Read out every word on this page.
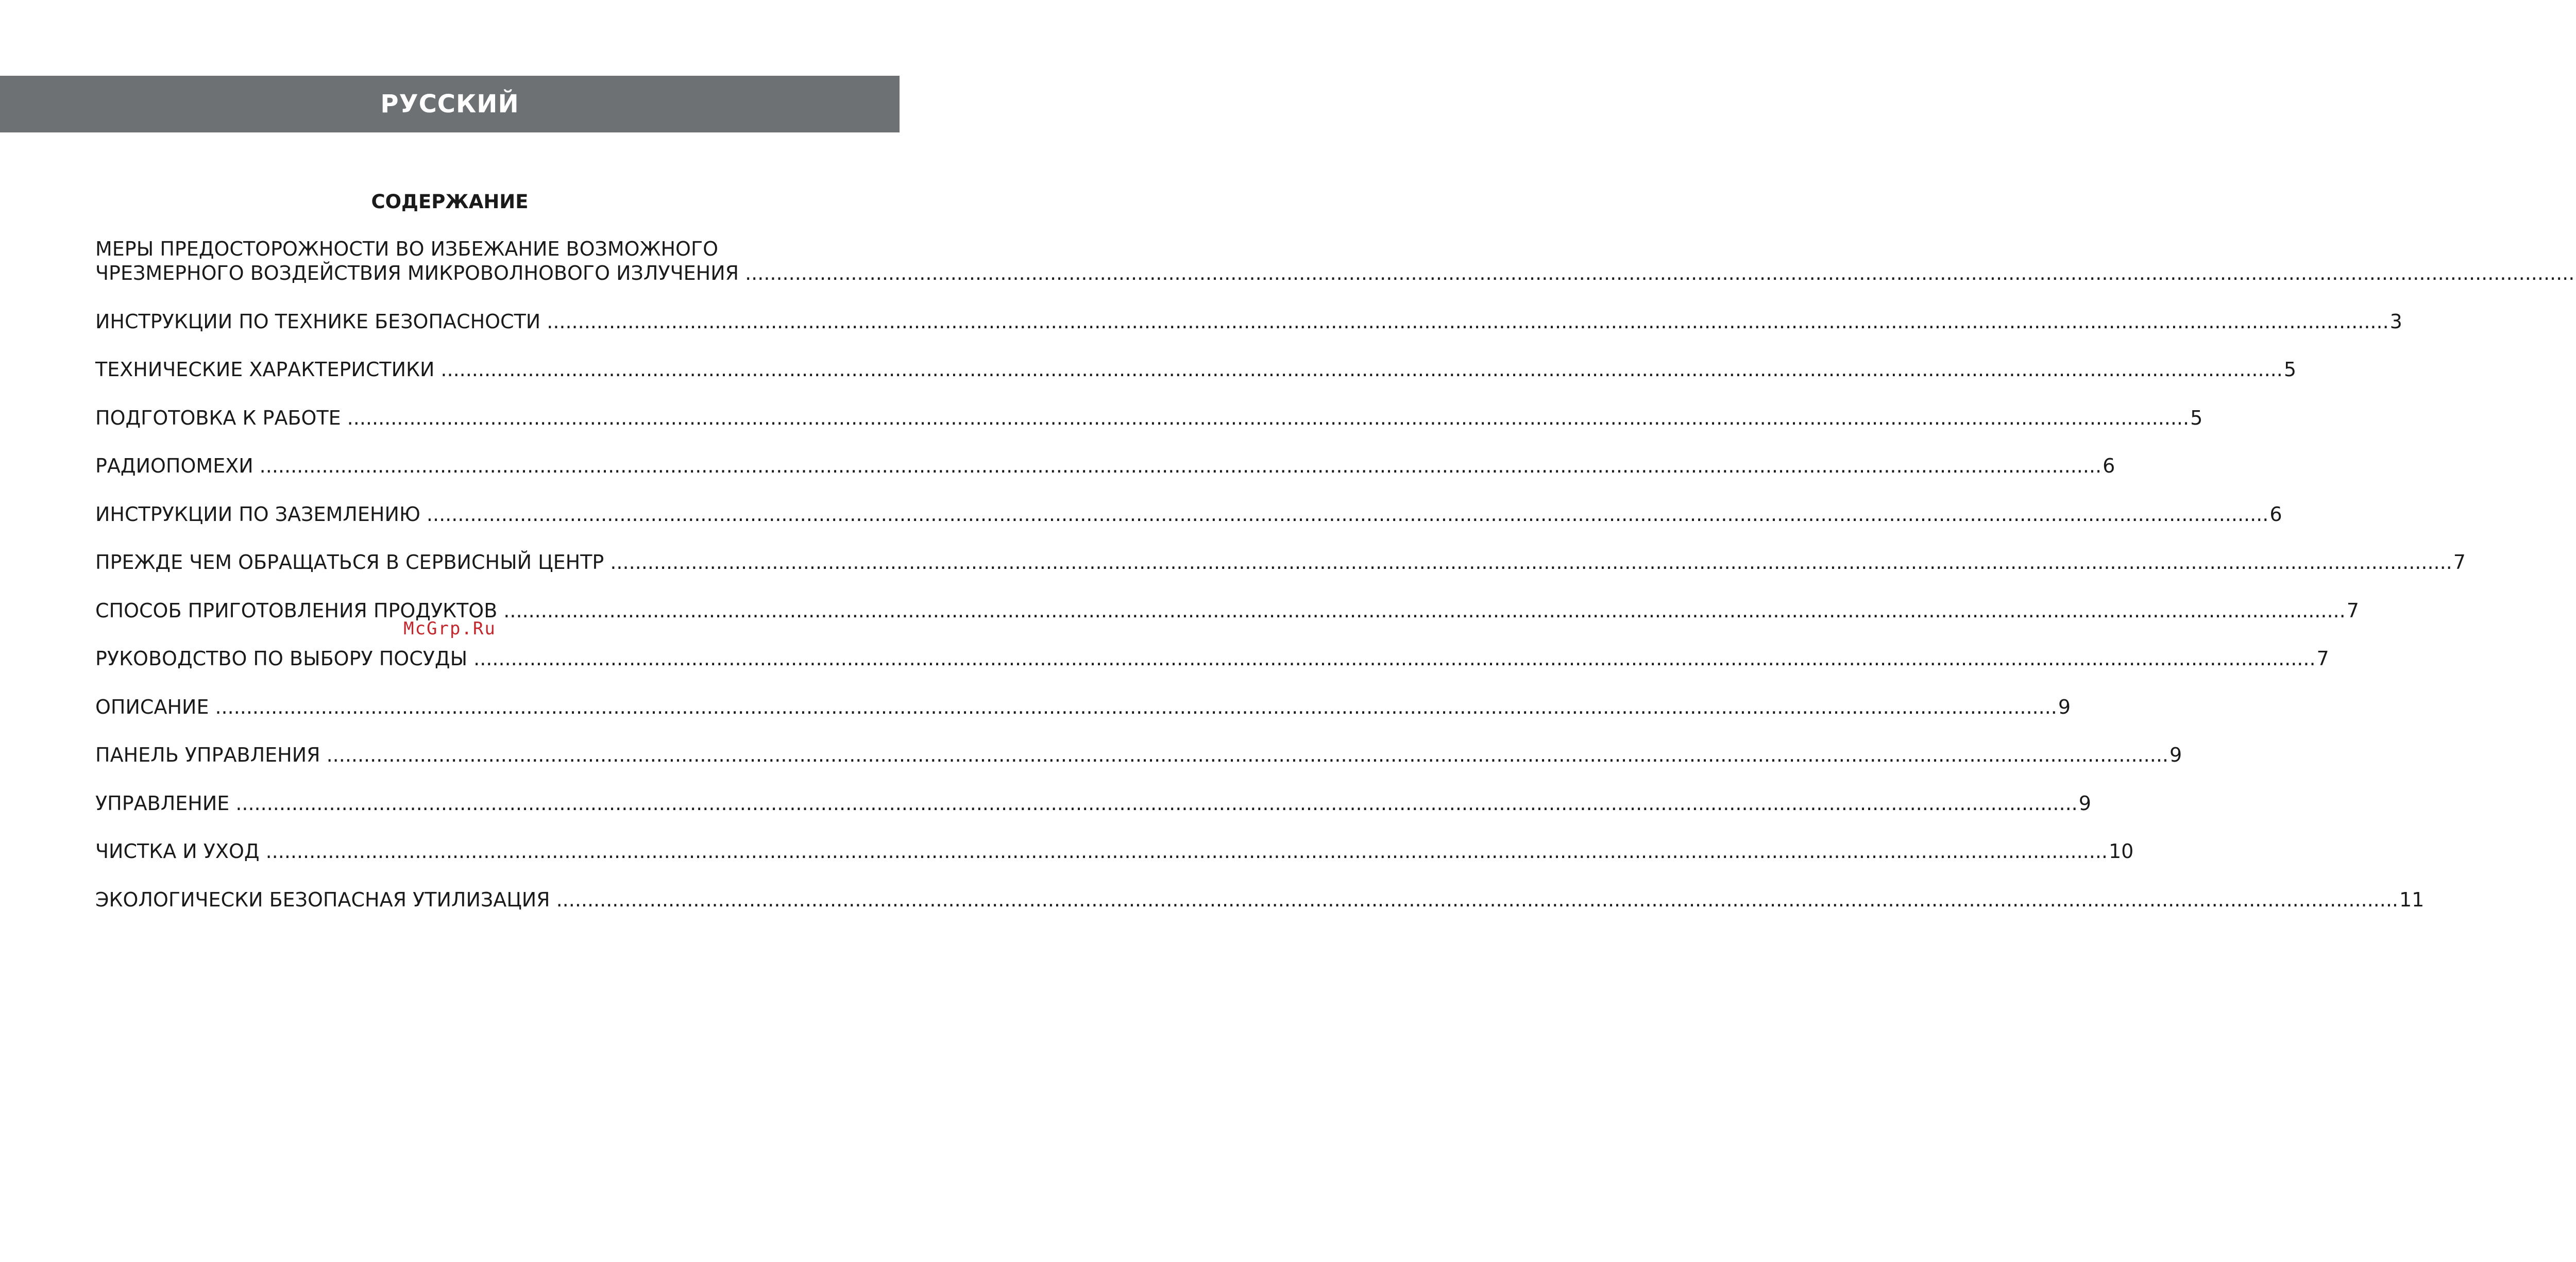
РУССКИЙ
СОДЕРЖАНИЕ
МЕРЫ ПРЕДОСТОРОЖНОСТИ ВО ИЗБЕЖАНИЕ ВОЗМОЖНОГО
ЧРЕЗМЕРНОГО ВОЗДЕЙСТВИЯ МИКРОВОЛНОВОГО ИЗЛУЧЕНИЯ
.....
ИНСТРУКЦИИ ПО ТЕХНИКЕ БЕЗОПАСНОСТИ .....	3
ТЕХНИЧЕСКИЕ ХАРАКТЕРИСТИКИ .....	5
ПОДГОТОВКА К РАБОТЕ .....	5
РАДИОПОМЕХИ .....	6
ИНСТРУКЦИИ ПО ЗАЗЕМЛЕНИЮ .....	6
ПРЕЖДЕ ЧЕМ ОБРАЩАТЬСЯ В СЕРВИСНЫЙ ЦЕНТР .....	7
СПОСОБ ПРИГОТОВЛЕНИЯ ПРОДУКТОВ .....	7
РУКОВОДСТВО ПО ВЫБОРУ ПОСУДЫ .....	7
ОПИСАНИЕ .....	9
ПАНЕЛЬ УПРАВЛЕНИЯ .....	9
УПРАВЛЕНИЕ .....	9
ЧИСТКА И УХОД .....	10
ЭКОЛОГИЧЕСКИ БЕЗОПАСНАЯ УТИЛИЗАЦИЯ .....	11
McGrp.Ru
